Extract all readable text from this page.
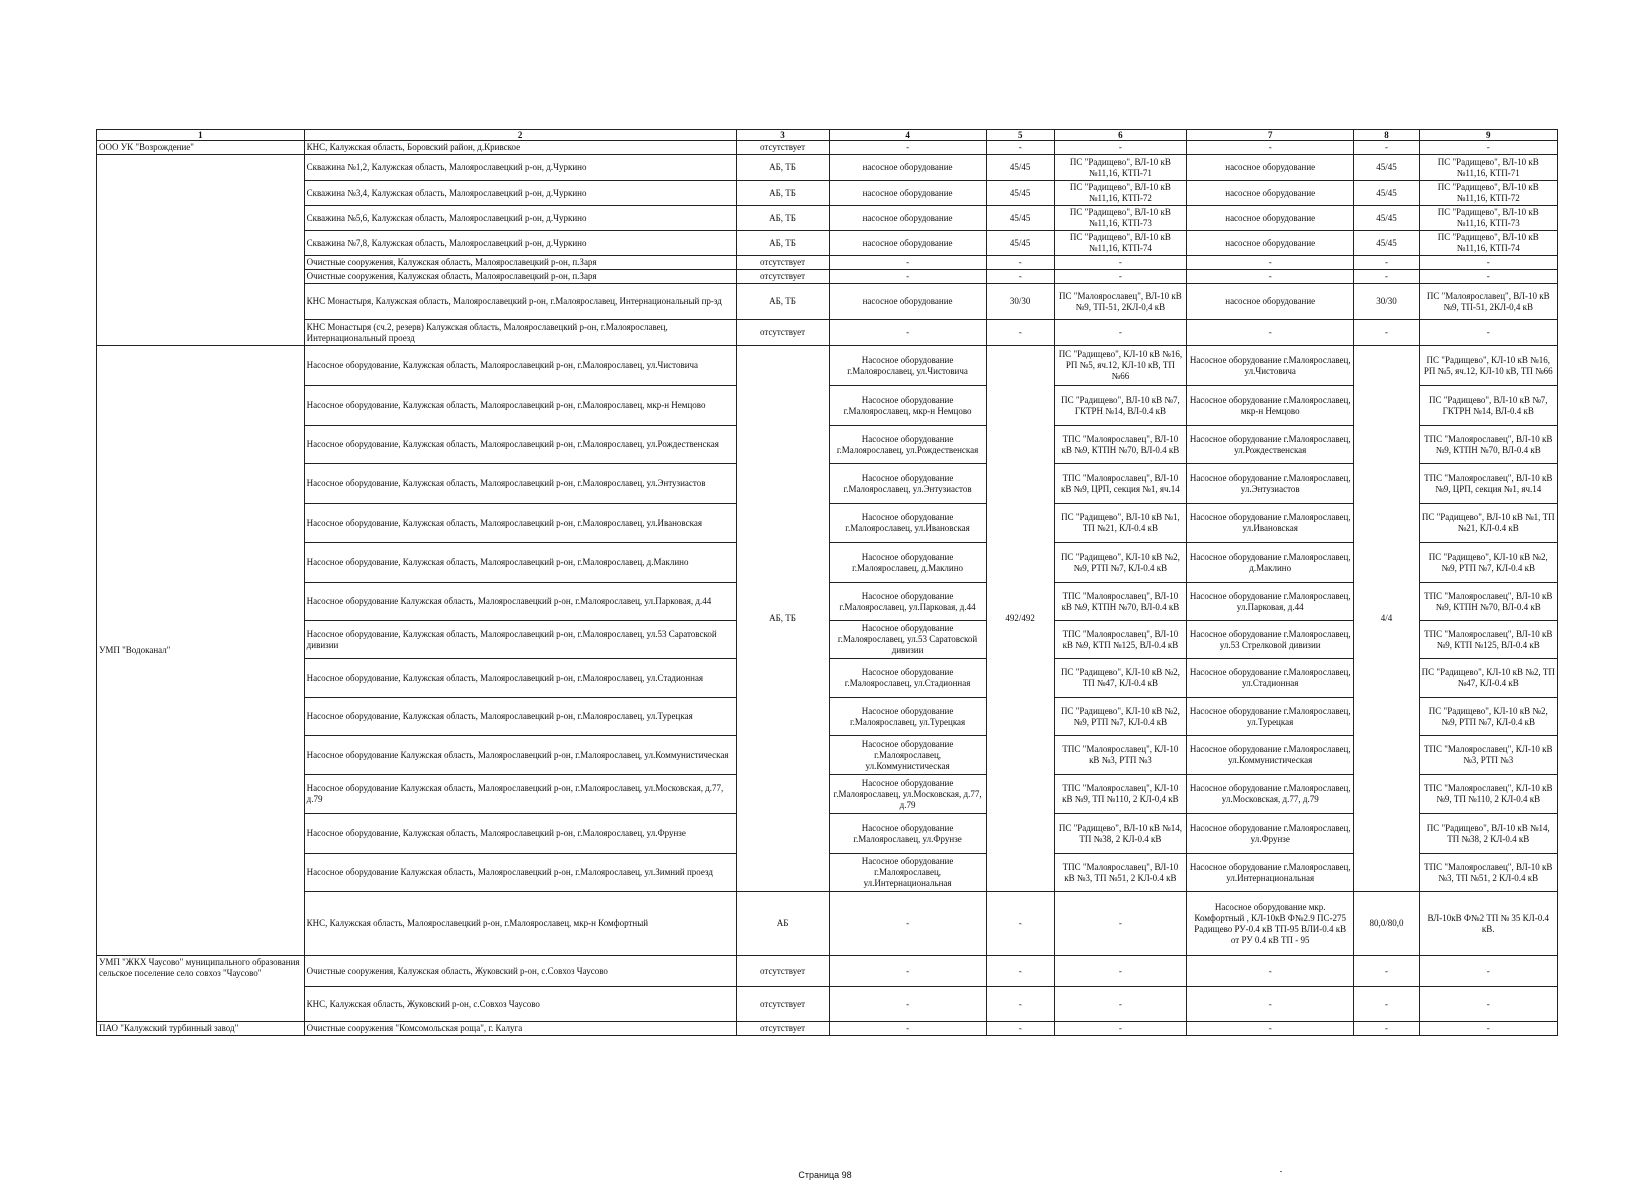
1	2	3	4	5	6	7	8	9
ООО УК "Возрождение"	КНС, Калужская область, Боровский район, д.Кривское	отсутствует	-	-	-	-	-	-
	Скважина №1,2, Калужская область, Малоярославецкий р-он, д.Чуркино	АБ, ТБ	насосное оборудование	45/45	ПС "Радищево", ВЛ-10 кВ №11,16, КТП-71	насосное оборудование	45/45	ПС "Радищево", ВЛ-10 кВ №11,16, КТП-71
	Скважина №3,4, Калужская область, Малоярославецкий р-он, д.Чуркино	АБ, ТБ	насосное оборудование	45/45	ПС "Радищево", ВЛ-10 кВ №11,16, КТП-72	насосное оборудование	45/45	ПС "Радищево", ВЛ-10 кВ №11,16, КТП-72
	Скважина №5,6, Калужская область, Малоярославецкий р-он, д.Чуркино	АБ, ТБ	насосное оборудование	45/45	ПС "Радищево", ВЛ-10 кВ №11,16, КТП-73	насосное оборудование	45/45	ПС "Радищево", ВЛ-10 кВ №11,16, КТП-73
	Скважина №7,8, Калужская область, Малоярославецкий р-он, д.Чуркино	АБ, ТБ	насосное оборудование	45/45	ПС "Радищево", ВЛ-10 кВ №11,16, КТП-74	насосное оборудование	45/45	ПС "Радищево", ВЛ-10 кВ №11,16, КТП-74
	Очистные сооружения, Калужская область, Малоярославецкий р-он, п.Заря	отсутствует	-	-	-	-	-	-
	Очистные сооружения, Калужская область, Малоярославецкий р-он, п.Заря	отсутствует	-	-	-	-	-	-
	КНС Монастыря, Калужская область, Малоярославецкий р-он, г.Малоярославец, Интернациональный пр-зд	АБ, ТБ	насосное оборудование	30/30	ПС "Малоярославец", ВЛ-10 кВ №9, ТП-51, 2КЛ-0,4 кВ	насосное оборудование	30/30	ПС "Малоярославец", ВЛ-10 кВ №9, ТП-51, 2КЛ-0,4 кВ
	КНС Монастыря (сч.2, резерв) Калужская область, Малоярославецкий р-он, г.Малоярославец, Интернациональный проезд	отсутствует	-	-	-	-	-	-
УМП "Водоканал"	Насосное оборудование, Калужская область, Малоярославецкий р-он, г.Малоярославец, ул.Чистовича	АБ, ТБ	Насосное оборудование г.Малоярославец, ул.Чистовича	492/492	ПС "Радищево", КЛ-10 кВ №16, РП №5, яч.12, КЛ-10 кВ, ТП №66	Насосное оборудование г.Малоярославец, ул.Чистовича	4/4	ПС "Радищево", КЛ-10 кВ №16, РП №5, яч.12, КЛ-10 кВ, ТП №66
	Насосное оборудование, Калужская область, Малоярославецкий р-он, г.Малоярославец, мкр-н Немцово		Насосное оборудование г.Малоярославец, мкр-н Немцово		ПС "Радищево", ВЛ-10 кВ №7, ГКТРН №14, ВЛ-0.4 кВ	Насосное оборудование г.Малоярославец, мкр-н Немцово		ПС "Радищево", ВЛ-10 кВ №7, ГКТРН №14, ВЛ-0.4 кВ
	Насосное оборудование, Калужская область, Малоярославецкий р-он, г.Малоярославец, ул.Рождественская		Насосное оборудование г.Малоярославец, ул.Рождественская		ТПС "Малоярославец", ВЛ-10 кВ №9, КТПН №70, ВЛ-0.4 кВ	Насосное оборудование г.Малоярославец, ул.Рождественская		ТПС "Малоярославец", ВЛ-10 кВ №9, КТПН №70, ВЛ-0.4 кВ
	Насосное оборудование, Калужская область, Малоярославецкий р-он, г.Малоярославец, ул.Энтузиастов		Насосное оборудование г.Малоярославец, ул.Энтузиастов		ТПС "Малоярославец", ВЛ-10 кВ №9, ЦРП, секция №1, яч.14	Насосное оборудование г.Малоярославец, ул.Энтузиастов		ТПС "Малоярославец", ВЛ-10 кВ №9, ЦРП, секция №1, яч.14
	Насосное оборудование, Калужская область, Малоярославецкий р-он, г.Малоярославец, ул.Ивановская		Насосное оборудование г.Малоярославец, ул.Ивановская		ПС "Радищево", ВЛ-10 кВ №1, ТП №21, КЛ-0.4 кВ	Насосное оборудование г.Малоярославец, ул.Ивановская		ПС "Радищево", ВЛ-10 кВ №1, ТП №21, КЛ-0.4 кВ
	Насосное оборудование, Калужская область, Малоярославецкий р-он, г.Малоярославец, д.Маклино		Насосное оборудование г.Малоярославец, д.Маклино		ПС "Радищево", КЛ-10 кВ №2, №9, РТП №7, КЛ-0.4 кВ	Насосное оборудование г.Малоярославец, д.Маклино		ПС "Радищево", КЛ-10 кВ №2, №9, РТП №7, КЛ-0.4 кВ
	Насосное оборудование Калужская область, Малоярославецкий р-он, г.Малоярославец, ул.Парковая, д.44		Насосное оборудование г.Малоярославец, ул.Парковая, д.44		ТПС "Малоярославец", ВЛ-10 кВ №9, КТПН №70, ВЛ-0.4 кВ	Насосное оборудование г.Малоярославец, ул.Парковая, д.44		ТПС "Малоярославец", ВЛ-10 кВ №9, КТПН №70, ВЛ-0.4 кВ
	Насосное оборудование, Калужская область, Малоярославецкий р-он, г.Малоярославец, ул.53 Саратовской дивизии		Насосное оборудование г.Малоярославец, ул.53 Саратовской дивизии		ТПС "Малоярославец", ВЛ-10 кВ №9, КТП №125, ВЛ-0.4 кВ	Насосное оборудование г.Малоярославец, ул.53 Стрелковой дивизии		ТПС "Малоярославец", ВЛ-10 кВ №9, КТП №125, ВЛ-0.4 кВ
	Насосное оборудование, Калужская область, Малоярославецкий р-он, г.Малоярославец, ул.Стадионная		Насосное оборудование г.Малоярославец, ул.Стадионная		ПС "Радищево", КЛ-10 кВ №2, ТП №47, КЛ-0.4 кВ	Насосное оборудование г.Малоярославец, ул.Стадионная		ПС "Радищево", КЛ-10 кВ №2, ТП №47, КЛ-0.4 кВ
	Насосное оборудование, Калужская область, Малоярославецкий р-он, г.Малоярославец, ул.Турецкая		Насосное оборудование г.Малоярославец, ул.Турецкая		ПС "Радищево", КЛ-10 кВ №2, №9, РТП №7, КЛ-0.4 кВ	Насосное оборудование г.Малоярославец, ул.Турецкая		ПС "Радищево", КЛ-10 кВ №2, №9, РТП №7, КЛ-0.4 кВ
	Насосное оборудование Калужская область, Малоярославецкий р-он, г.Малоярославец, ул.Коммунистическая		Насосное оборудование г.Малоярославец, ул.Коммунистическая		ТПС "Малоярославец", КЛ-10 кВ №3, РТП №3	Насосное оборудование г.Малоярославец, ул.Коммунистическая		ТПС "Малоярославец", КЛ-10 кВ №3, РТП №3
	Насосное оборудование Калужская область, Малоярославецкий р-он, г.Малоярославец, ул.Московская, д.77, д.79		Насосное оборудование г.Малоярославец, ул.Московская, д.77, д.79		ТПС "Малоярославец", КЛ-10 кВ №9, ТП №110, 2 КЛ-0,4 кВ	Насосное оборудование г.Малоярославец, ул.Московская, д.77, д.79		ТПС "Малоярославец", КЛ-10 кВ №9, ТП №110, 2 КЛ-0.4 кВ
	Насосное оборудование, Калужская область, Малоярославецкий р-он, г.Малоярославец, ул.Фрунзе		Насосное оборудование г.Малоярославец, ул.Фрунзе		ПС "Радищево", ВЛ-10 кВ №14, ТП №38, 2 КЛ-0.4 кВ	Насосное оборудование г.Малоярославец, ул.Фрунзе		ПС "Радищево", ВЛ-10 кВ №14, ТП №38, 2 КЛ-0.4 кВ
	Насосное оборудование Калужская область, Малоярославецкий р-он, г.Малоярославец, ул.Зимний проезд		Насосное оборудование г.Малоярославец, ул.Интернациональная		ТПС "Малоярославец", ВЛ-10 кВ №3, ТП №51, 2 КЛ-0.4 кВ	Насосное оборудование г.Малоярославец, ул.Интернациональная		ТПС "Малоярославец", ВЛ-10 кВ №3, ТП №51, 2 КЛ-0.4 кВ
	КНС, Калужская область, Малоярославецкий р-он, г.Малоярославец, мкр-н Комфортный	АБ	-	-	-	Насосное оборудование мкр. Комфортный , КЛ-10кВ Ф№2.9 ПС-275 Радищево РУ-0.4 кВ ТП-95 ВЛИ-0.4 кВ от РУ 0.4 кВ ТП - 95	80,0/80,0	ВЛ-10кВ Ф№2 ТП № 35 КЛ-0.4 кВ.
УМП "ЖКХ Чаусово" муниципального образования сельское поселение село совхоз "Чаусово"	Очистные сооружения, Калужская область, Жуковский р-он, с.Совхоз Чаусово	отсутствует	-	-	-	-	-	-
	КНС, Калужская область, Жуковский р-он, с.Совхоз Чаусово	отсутствует	-	-	-	-	-	-
ПАО "Калужский турбинный завод"	Очистные сооружения "Комсомольская роща", г. Калуга	отсутствует	-	-	-	-	-	-
Страница 98
